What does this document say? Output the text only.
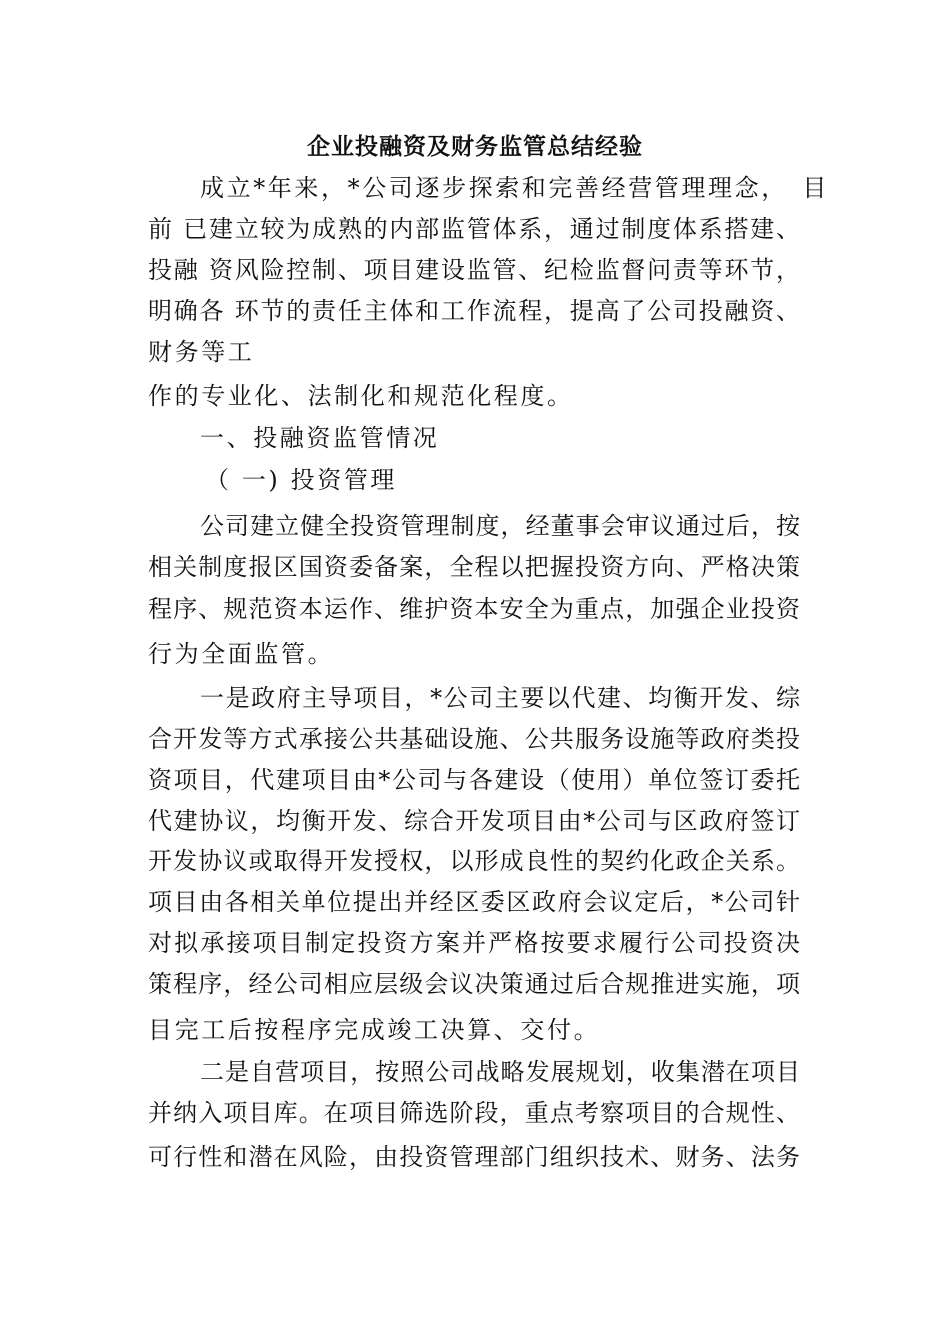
企业投融资及财务监管总结经验
成立*年来，*公司逐步探索和完善经营管理理念，　目
前 已建立较为成熟的内部监管体系，通过制度体系搭建、
投融 资风险控制、项目建设监管、纪检监督问责等环节，
明确各 环节的责任主体和工作流程，提高了公司投融资、
财务等工
作的专业化、法制化和规范化程度。
一、投融资监管情况
（ 一) 投资管理
公司建立健全投资管理制度，经董事会审议通过后，按
相关制度报区国资委备案，全程以把握投资方向、严格决策
程序、规范资本运作、维护资本安全为重点，加强企业投资
行为全面监管。
一是政府主导项目，*公司主要以代建、均衡开发、综
合开发等方式承接公共基础设施、公共服务设施等政府类投
资项目，代建项目由*公司与各建设（使用）单位签订委托
代建协议，均衡开发、综合开发项目由*公司与区政府签订
开发协议或取得开发授权，以形成良性的契约化政企关系。
项目由各相关单位提出并经区委区政府会议定后，*公司针
对拟承接项目制定投资方案并严格按要求履行公司投资决
策程序，经公司相应层级会议决策通过后合规推进实施，项
目完工后按程序完成竣工决算、交付。
二是自营项目，按照公司战略发展规划，收集潜在项目
并纳入项目库。在项目筛选阶段，重点考察项目的合规性、
可行性和潜在风险，由投资管理部门组织技术、财务、法务
